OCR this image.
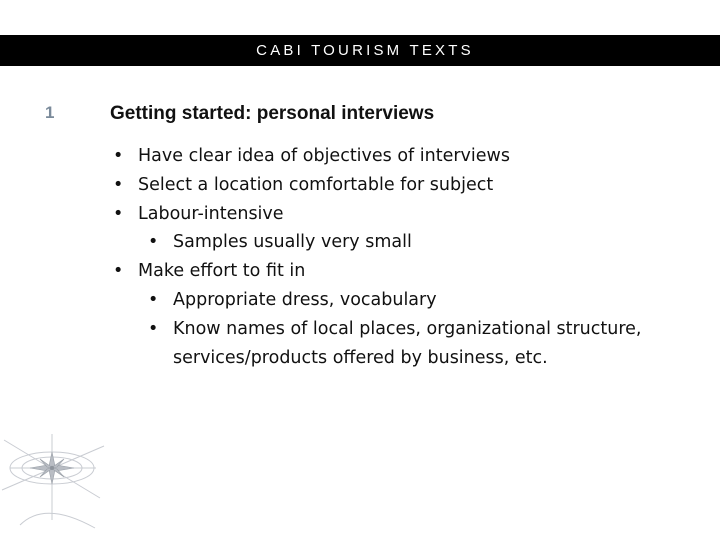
CABI TOURISM TEXTS
1	Getting started: personal interviews
• Have clear idea of objectives of interviews
• Select a location comfortable for subject
• Labour-intensive
• Samples usually very small
• Make effort to fit in
• Appropriate dress, vocabulary
• Know names of local places, organizational structure, services/products offered by business, etc.
